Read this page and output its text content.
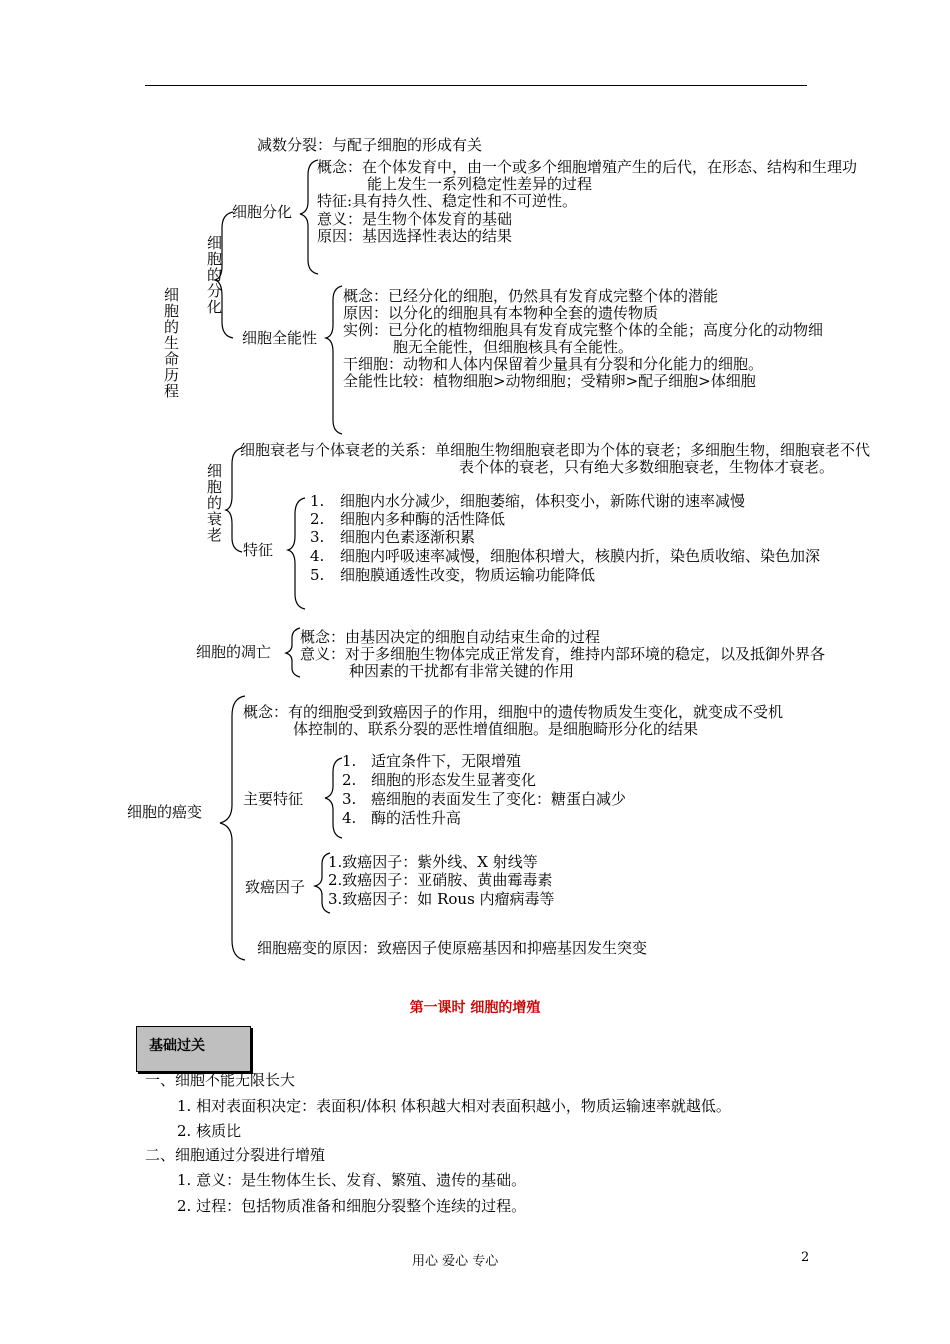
细胞的生命历程
细胞的分化
减数分裂：与配子细胞的形成有关
细胞分化
概念：在个体发育中，由一个或多个细胞增殖产生的后代，在形态、结构和生理功
能上发生一系列稳定性差异的过程
特征:具有持久性、稳定性和不可逆性。
意义：是生物个体发育的基础
原因：基因选择性表达的结果
细胞全能性
概念：已经分化的细胞，仍然具有发育成完整个体的潜能
原因：以分化的细胞具有本物种全套的遗传物质
实例：已分化的植物细胞具有发育成完整个体的全能；高度分化的动物细
胞无全能性，但细胞核具有全能性。
干细胞：动物和人体内保留着少量具有分裂和分化能力的细胞。
全能性比较：植物细胞>动物细胞；受精卵>配子细胞>体细胞
细胞的衰老
细胞衰老与个体衰老的关系：单细胞生物细胞衰老即为个体的衰老；多细胞生物，细胞衰老不代
表个体的衰老，只有绝大多数细胞衰老，生物体才衰老。
特征
1. 细胞内水分减少，细胞萎缩，体积变小，新陈代谢的速率减慢
2. 细胞内多种酶的活性降低
3. 细胞内色素逐渐积累
4. 细胞内呼吸速率减慢，细胞体积增大，核膜内折，染色质收缩、染色加深
5. 细胞膜通透性改变，物质运输功能降低
细胞的凋亡
概念：由基因决定的细胞自动结束生命的过程
意义：对于多细胞生物体完成正常发育，维持内部环境的稳定，以及抵御外界各
种因素的干扰都有非常关键的作用
细胞的癌变
概念：有的细胞受到致癌因子的作用，细胞中的遗传物质发生变化，就变成不受机
体控制的、联系分裂的恶性增值细胞。是细胞畸形分化的结果
主要特征
1. 适宜条件下，无限增殖
2. 细胞的形态发生显著变化
3. 癌细胞的表面发生了变化：糖蛋白减少
4. 酶的活性升高
致癌因子
1.致癌因子：紫外线、X 射线等
2.致癌因子：亚硝胺、黄曲霉毒素
3.致癌因子：如 Rous 内瘤病毒等
细胞癌变的原因：致癌因子使原癌基因和抑癌基因发生突变
第一课时 细胞的增殖
基础过关
一、细胞不能无限长大
1. 相对表面积决定：表面积/体积 体积越大相对表面积越小，物质运输速率就越低。
2. 核质比
二、细胞通过分裂进行增殖
1. 意义：是生物体生长、发育、繁殖、遗传的基础。
2. 过程：包括物质准备和细胞分裂整个连续的过程。
用心 爱心 专心	2
